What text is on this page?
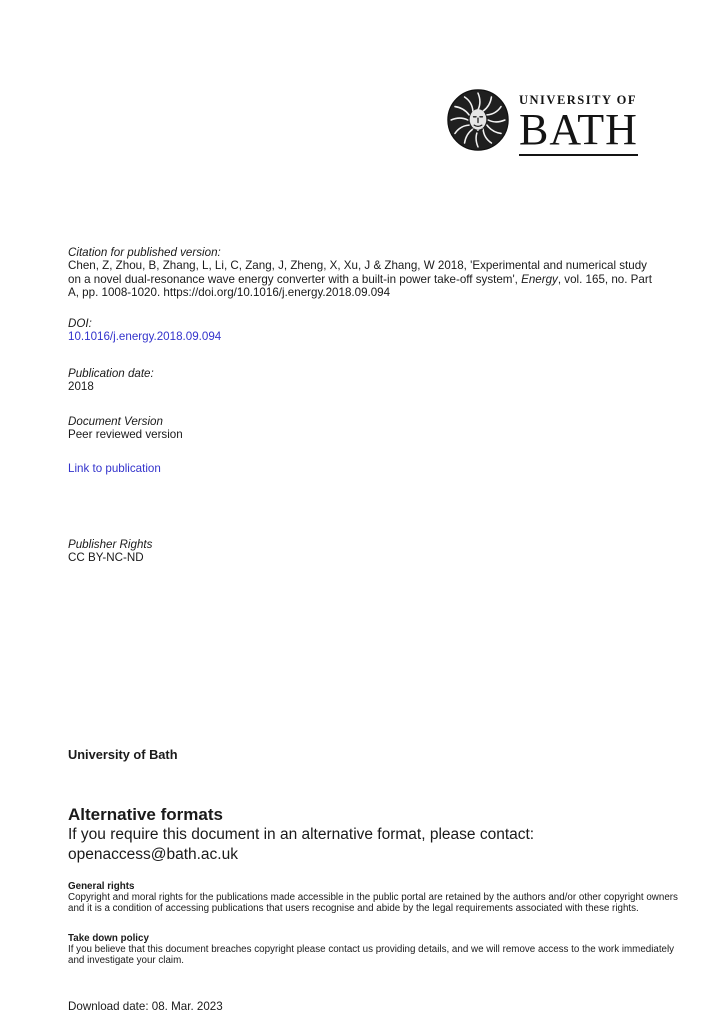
UNIVERSITY OF
BATH
Citation for published version:
Chen, Z, Zhou, B, Zhang, L, Li, C, Zang, J, Zheng, X, Xu, J & Zhang, W 2018, 'Experimental and numerical study on a novel dual-resonance wave energy converter with a built-in power take-off system', Energy, vol. 165, no. Part A, pp. 1008-1020. https://doi.org/10.1016/j.energy.2018.09.094
DOI:
10.1016/j.energy.2018.09.094
Publication date:
2018
Document Version
Peer reviewed version
Link to publication
Publisher Rights
CC BY-NC-ND
University of Bath
Alternative formats
If you require this document in an alternative format, please contact:
openaccess@bath.ac.uk
General rights
Copyright and moral rights for the publications made accessible in the public portal are retained by the authors and/or other copyright owners and it is a condition of accessing publications that users recognise and abide by the legal requirements associated with these rights.
Take down policy
If you believe that this document breaches copyright please contact us providing details, and we will remove access to the work immediately and investigate your claim.
Download date: 08. Mar. 2023
